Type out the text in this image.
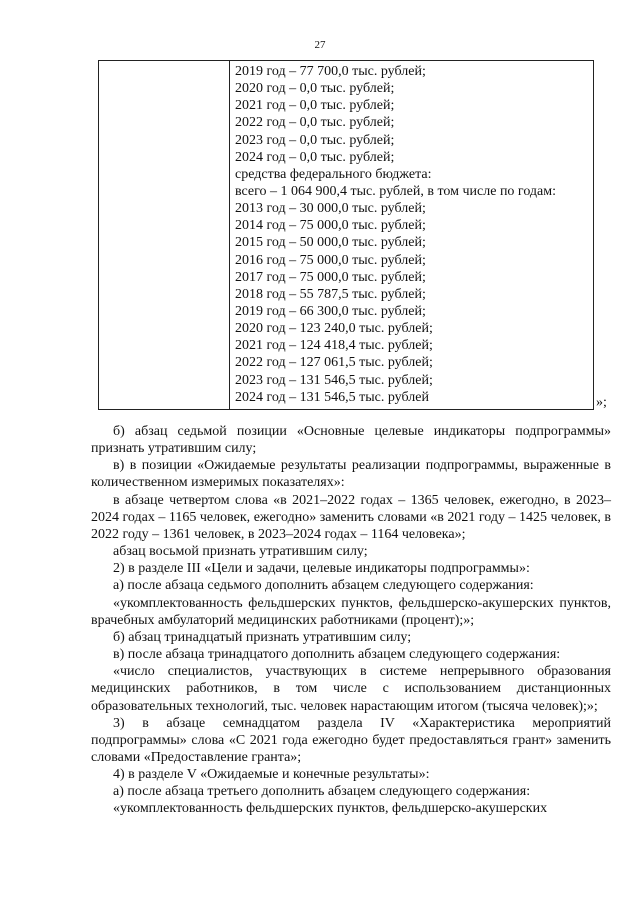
27
2019 год – 77 700,0 тыс. рублей;
2020 год – 0,0 тыс. рублей;
2021 год – 0,0 тыс. рублей;
2022 год – 0,0 тыс. рублей;
2023 год – 0,0 тыс. рублей;
2024 год – 0,0 тыс. рублей;
средства федерального бюджета:
всего – 1 064 900,4 тыс. рублей, в том числе по годам:
2013 год – 30 000,0 тыс. рублей;
2014 год – 75 000,0 тыс. рублей;
2015 год – 50 000,0 тыс. рублей;
2016 год – 75 000,0 тыс. рублей;
2017 год – 75 000,0 тыс. рублей;
2018 год – 55 787,5 тыс. рублей;
2019 год – 66 300,0 тыс. рублей;
2020 год – 123 240,0 тыс. рублей;
2021 год – 124 418,4 тыс. рублей;
2022 год – 127 061,5 тыс. рублей;
2023 год – 131 546,5 тыс. рублей;
2024 год – 131 546,5 тыс. рублей	»;

б) абзац седьмой позиции «Основные целевые индикаторы подпрограммы» признать утратившим силу;

в) в позиции «Ожидаемые результаты реализации подпрограммы, выраженные в количественном измеримых показателях»:

в абзаце четвертом слова «в 2021–2022 годах – 1365 человек, ежегодно, в 2023–2024 годах – 1165 человек, ежегодно» заменить словами «в 2021 году – 1425 человек, в 2022 году – 1361 человек, в 2023–2024 годах – 1164 человека»;

абзац восьмой признать утратившим силу;

2) в разделе III «Цели и задачи, целевые индикаторы подпрограммы»:

а) после абзаца седьмого дополнить абзацем следующего содержания:

«укомплектованность фельдшерских пунктов, фельдшерско-акушерских пунктов, врачебных амбулаторий медицинских работниками (процент);»;

б) абзац тринадцатый признать утратившим силу;

в) после абзаца тринадцатого дополнить абзацем следующего содержания:

«число специалистов, участвующих в системе непрерывного образования медицинских работников, в том числе с использованием дистанционных образовательных технологий, тыс. человек нарастающим итогом (тысяча человек);»;

3) в абзаце семнадцатом раздела IV «Характеристика мероприятий подпрограммы» слова «С 2021 года ежегодно будет предоставляться грант» заменить словами «Предоставление гранта»;

4) в разделе V «Ожидаемые и конечные результаты»:

а) после абзаца третьего дополнить абзацем следующего содержания:

«укомплектованность фельдшерских пунктов, фельдшерско-акушерских
